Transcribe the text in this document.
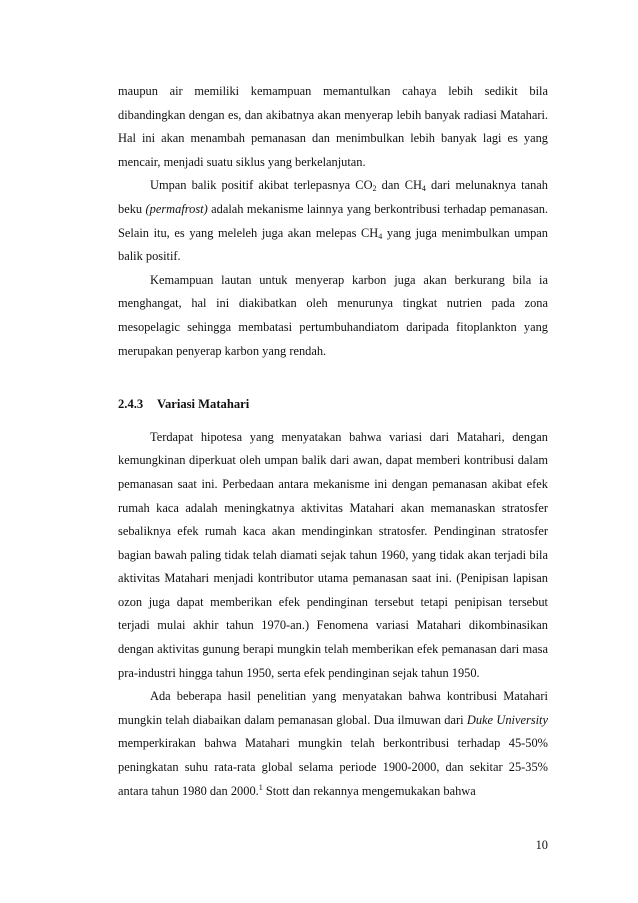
maupun air memiliki kemampuan memantulkan cahaya lebih sedikit bila dibandingkan dengan es, dan akibatnya akan menyerap lebih banyak radiasi Matahari. Hal ini akan menambah pemanasan dan menimbulkan lebih banyak lagi es yang mencair, menjadi suatu siklus yang berkelanjutan.

Umpan balik positif akibat terlepasnya $CO_2$ dan $CH_4$ dari melunaknya tanah beku (permafrost) adalah mekanisme lainnya yang berkontribusi terhadap pemanasan. Selain itu, es yang meleleh juga akan melepas $CH_4$ yang juga menimbulkan umpan balik positif.

Kemampuan lautan untuk menyerap karbon juga akan berkurang bila ia menghangat, hal ini diakibatkan oleh menurunya tingkat nutrien pada zona mesopelagic sehingga membatasi pertumbuhandiatom daripada fitoplankton yang merupakan penyerap karbon yang rendah.

2.4.3	Variasi Matahari

Terdapat hipotesa yang menyatakan bahwa variasi dari Matahari, dengan kemungkinan diperkuat oleh umpan balik dari awan, dapat memberi kontribusi dalam pemanasan saat ini. Perbedaan antara mekanisme ini dengan pemanasan akibat efek rumah kaca adalah meningkatnya aktivitas Matahari akan memanaskan stratosfer sebaliknya efek rumah kaca akan mendinginkan stratosfer. Pendinginan stratosfer bagian bawah paling tidak telah diamati sejak tahun 1960, yang tidak akan terjadi bila aktivitas Matahari menjadi kontributor utama pemanasan saat ini. (Penipisan lapisan ozon juga dapat memberikan efek pendinginan tersebut tetapi penipisan tersebut terjadi mulai akhir tahun 1970-an.) Fenomena variasi Matahari dikombinasikan dengan aktivitas gunung berapi mungkin telah memberikan efek pemanasan dari masa pra-industri hingga tahun 1950, serta efek pendinginan sejak tahun 1950.

Ada beberapa hasil penelitian yang menyatakan bahwa kontribusi Matahari mungkin telah diabaikan dalam pemanasan global. Dua ilmuwan dari Duke University memperkirakan bahwa Matahari mungkin telah berkontribusi terhadap 45-50% peningkatan suhu rata-rata global selama periode 1900-2000, dan sekitar 25-35% antara tahun 1980 dan 2000.$^1$ Stott dan rekannya mengemukakan bahwa

10
